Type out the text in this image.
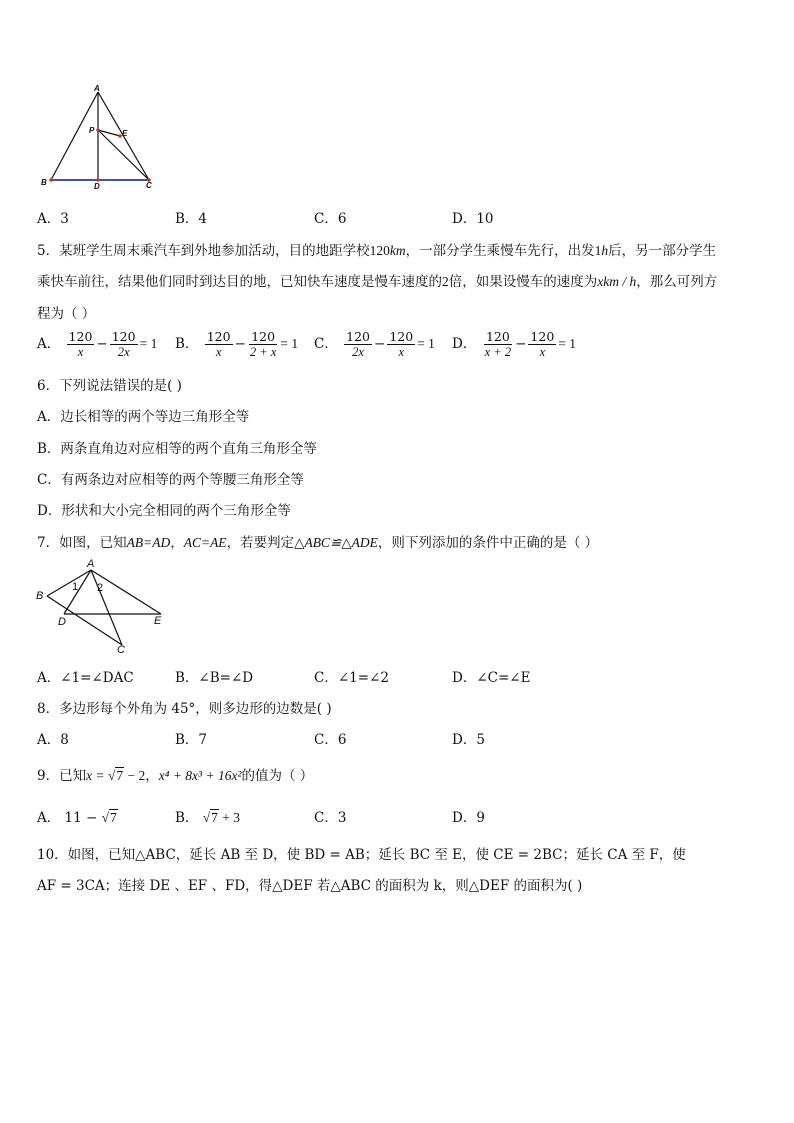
A
P	E
B	D	C
A．3	B．4	C．6	D．10
5．某班学生周末乘汽车到外地参加活动，目的地距学校120km，一部分学生乘慢车先行，出发1h后，另一部分学生
乘快车前往，结果他们同时到达目的地，已知快车速度是慢车速度的2倍，如果设慢车的速度为xkm / h，那么可列方
程为（ ）
A． $\frac{120}{x} - \frac{120}{2x} = 1$ B． $\frac{120}{x} - \frac{120}{2 + x} = 1$ C． $\frac{120}{2x} - \frac{120}{x} = 1$ D． $\frac{120}{x + 2} - \frac{120}{x} = 1$
6．下列说法错误的是( )
A．边长相等的两个等边三角形全等
B．两条直角边对应相等的两个直角三角形全等
C．有两条边对应相等的两个等腰三角形全等
D．形状和大小完全相同的两个三角形全等
7．如图，已知AB=AD，AC=AE，若要判定△ABC≌△ADE，则下列添加的条件中正确的是（ ）
A
B
D	E
C
1 2
A．∠1=∠DAC	B．∠B=∠D	C．∠1=∠2	D．∠C=∠E
8．多边形每个外角为 45°，则多边形的边数是( )
A．8	B．7	C．6	D．5
9．已知x = √7 − 2，x⁴ + 8x³ + 16x²的值为（ ）
A． 11 − √7	B． √7 + 3	C．3	D．9
10．如图，已知△ABC，延长 AB 至 D，使 BD = AB；延长 BC 至 E，使 CE = 2BC；延长 CA 至 F，使
AF = 3CA；连接 DE 、EF 、FD，得△DEF 若△ABC 的面积为 k，则△DEF 的面积为( )
